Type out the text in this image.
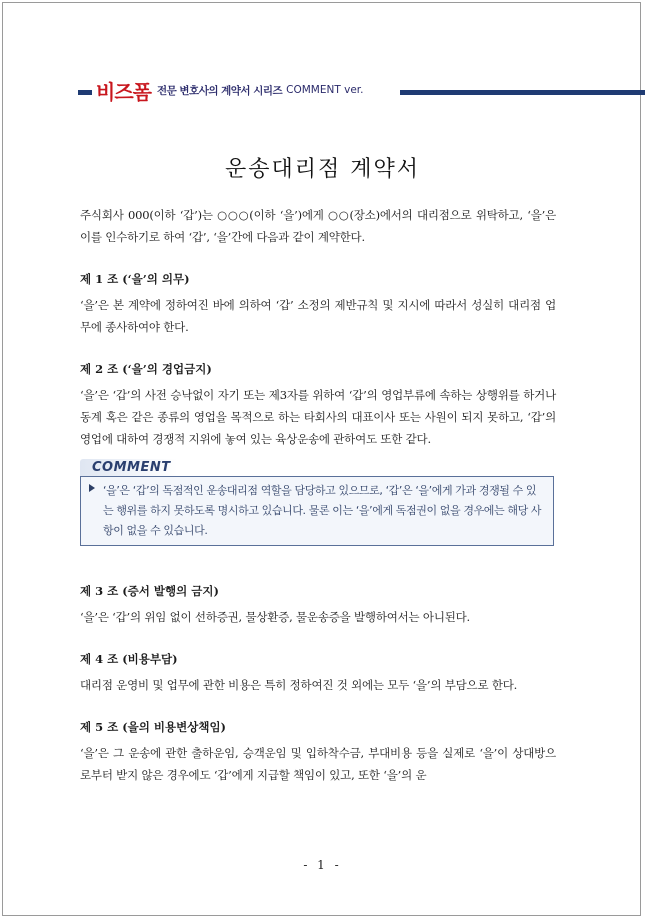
비즈폼 전문 변호사의 계약서 시리즈 COMMENT ver.
운송대리점 계약서

주식회사 000(이하 ‘갑’)는 ○○○(이하 ‘을’)에게 ○○(장소)에서의 대리점으로 위탁하고, ‘을’은 이를 인수하기로 하여 ‘갑’, ‘을’간에 다음과 같이 계약한다.

제 1 조 (‘을’의 의무)

‘을’은 본 계약에 정하여진 바에 의하여 ‘갑’ 소정의 제반규칙 및 지시에 따라서 성실히 대리점 업무에 종사하여야 한다.

제 2 조 (‘을’의 경업금지)

‘을’은 ‘갑’의 사전 승낙없이 자기 또는 제3자를 위하여 ‘갑’의 영업부류에 속하는 상행위를 하거나 동계 혹은 같은 종류의 영업을 목적으로 하는 타회사의 대표이사 또는 사원이 되지 못하고, ‘갑’의 영업에 대하여 경쟁적 지위에 놓여 있는 육상운송에 관하여도 또한 같다.

COMMENT
‘을’은 ‘갑’의 독점적인 운송대리점 역할을 담당하고 있으므로, ‘갑’은 ‘을’에게 가과 경쟁될 수 있는 행위를 하지 못하도록 명시하고 있습니다. 물론 이는 ‘을’에게 독점권이 없을 경우에는 해당 사항이 없을 수 있습니다.

제 3 조 (증서 발행의 금지)

‘을’은 ‘갑’의 위임 없이 선하증권, 물상환증, 물운송증을 발행하여서는 아니된다.

제 4 조 (비용부담)

대리점 운영비 및 업무에 관한 비용은 특히 정하여진 것 외에는 모두 ‘을’의 부담으로 한다.

제 5 조 (을의 비용변상책임)

‘을’은 그 운송에 관한 출하운임, 승객운임 및 입하착수금, 부대비용 등을 실제로 ‘을’이 상대방으로부터 받지 않은 경우에도 ‘갑’에게 지급할 책임이 있고, 또한 ‘을’의 운

- 1 -
